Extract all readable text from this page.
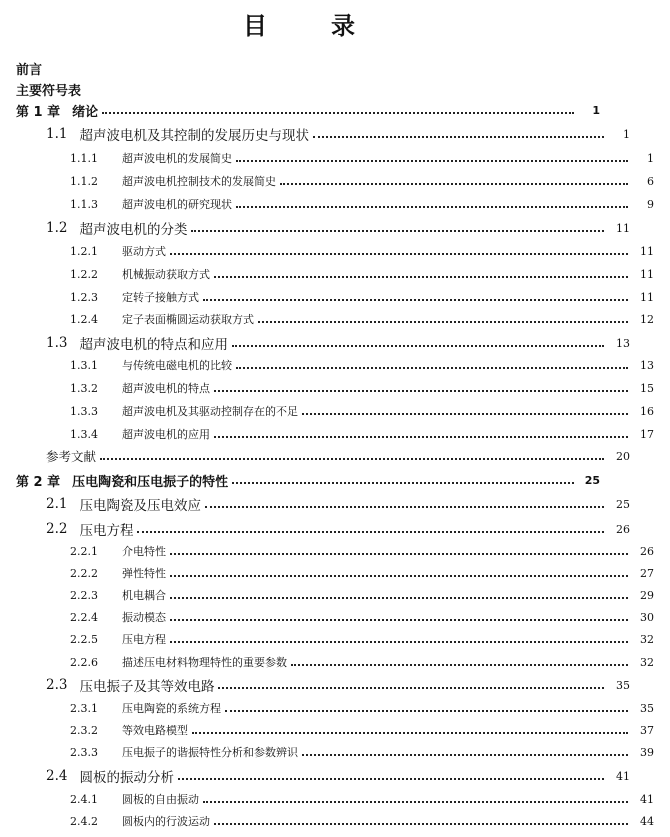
目	录
前言
主要符号表
第 1 章 绪论	1
1.1 超声波电机及其控制的发展历史与现状	1
1.1.1	超声波电机的发展简史	1
1.1.2	超声波电机控制技术的发展简史	6
1.1.3	超声波电机的研究现状	9
1.2 超声波电机的分类	11
1.2.1	驱动方式	11
1.2.2	机械振动获取方式	11
1.2.3	定转子接触方式	11
1.2.4	定子表面椭圆运动获取方式	12
1.3 超声波电机的特点和应用	13
1.3.1	与传统电磁电机的比较	13
1.3.2	超声波电机的特点	15
1.3.3	超声波电机及其驱动控制存在的不足	16
1.3.4	超声波电机的应用	17
参考文献	20
第 2 章 压电陶瓷和压电振子的特性	25
2.1 压电陶瓷及压电效应	25
2.2 压电方程	26
2.2.1	介电特性	26
2.2.2	弹性特性	27
2.2.3	机电耦合	29
2.2.4	振动模态	30
2.2.5	压电方程	32
2.2.6	描述压电材料物理特性的重要参数	32
2.3 压电振子及其等效电路	35
2.3.1	压电陶瓷的系统方程	35
2.3.2	等效电路模型	37
2.3.3	压电振子的谐振特性分析和参数辨识	39
2.4 圆板的振动分析	41
2.4.1	圆板的自由振动	41
2.4.2	圆板内的行波运动	44
